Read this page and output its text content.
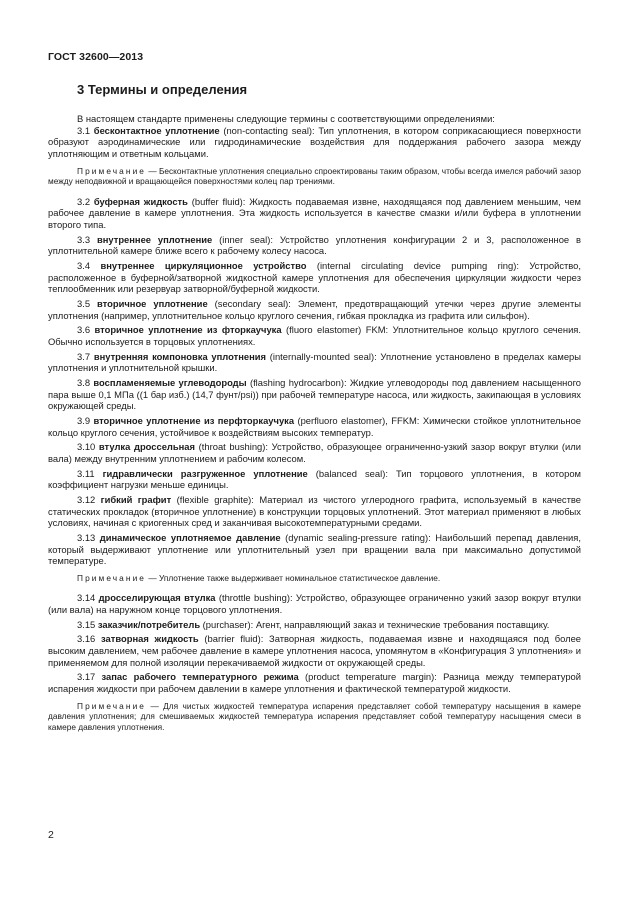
ГОСТ 32600—2013
3 Термины и определения

В настоящем стандарте применены следующие термины с соответствующими определениями:

3.1 бесконтактное уплотнение (non-contacting seal): Тип уплотнения, в котором соприкасающиеся поверхности образуют аэродинамические или гидродинамические воздействия для поддержания рабочего зазора между уплотняющим и ответным кольцами.

Примечание — Бесконтактные уплотнения специально спроектированы таким образом, чтобы всегда имелся рабочий зазор между неподвижной и вращающейся поверхностями колец пар трениями.

3.2 буферная жидкость (buffer fluid): Жидкость подаваемая извне, находящаяся под давлением меньшим, чем рабочее давление в камере уплотнения. Эта жидкость используется в качестве смазки и/или буфера в уплотнении второго типа.

3.3 внутреннее уплотнение (inner seal): Устройство уплотнения конфигурации 2 и 3, расположенное в уплотнительной камере ближе всего к рабочему колесу насоса.

3.4 внутреннее циркуляционное устройство (internal circulating device pumping ring): Устройство, расположенное в буферной/затворной жидкостной камере уплотнения для обеспечения циркуляции жидкости через теплообменник или резервуар затворной/буферной жидкости.

3.5 вторичное уплотнение (secondary seal): Элемент, предотвращающий утечки через другие элементы уплотнения (например, уплотнительное кольцо круглого сечения, гибкая прокладка из графита или сильфон).

3.6 вторичное уплотнение из фторкаучука (fluoro elastomer) FKM: Уплотнительное кольцо круглого сечения. Обычно используется в торцовых уплотнениях.

3.7 внутренняя компоновка уплотнения (internally-mounted seal): Уплотнение установлено в пределах камеры уплотнения и уплотнительной крышки.

3.8 воспламеняемые углеводороды (flashing hydrocarbon): Жидкие углеводороды под давлением насыщенного пара выше 0,1 МПа ((1 бар изб.) (14,7 фунт/psi)) при рабочей температуре насоса, или жидкость, закипающая в условиях окружающей среды.

3.9 вторичное уплотнение из перфторкаучука (perfluoro elastomer), FFKM: Химически стойкое уплотнительное кольцо круглого сечения, устойчивое к воздействиям высоких температур.

3.10 втулка дроссельная (throat bushing): Устройство, образующее ограниченно-узкий зазор вокруг втулки (или вала) между внутренним уплотнением и рабочим колесом.

3.11 гидравлически разгруженное уплотнение (balanced seal): Тип торцового уплотнения, в котором коэффициент нагрузки меньше единицы.

3.12 гибкий графит (flexible graphite): Материал из чистого углеродного графита, используемый в качестве статических прокладок (вторичное уплотнение) в конструкции торцовых уплотнений. Этот материал применяют в любых условиях, начиная с криогенных сред и заканчивая высокотемпературными средами.

3.13 динамическое уплотняемое давление (dynamic sealing-pressure rating): Наибольший перепад давления, который выдерживают уплотнение или уплотнительный узел при вращении вала при максимально допустимой температуре.

Примечание — Уплотнение также выдерживает номинальное статистическое давление.

3.14 дросселирующая втулка (throttle bushing): Устройство, образующее ограниченно узкий зазор вокруг втулки (или вала) на наружном конце торцового уплотнения.

3.15 заказчик/потребитель (purchaser): Агент, направляющий заказ и технические требования поставщику.

3.16 затворная жидкость (barrier fluid): Затворная жидкость, подаваемая извне и находящаяся под более высоким давлением, чем рабочее давление в камере уплотнения насоса, упомянутом в «Конфигурация 3 уплотнения» и применяемом для полной изоляции перекачиваемой жидкости от окружающей среды.

3.17 запас рабочего температурного режима (product temperature margin): Разница между температурой испарения жидкости при рабочем давлении в камере уплотнения и фактической температурой жидкости.

Примечание — Для чистых жидкостей температура испарения представляет собой температуру насыщения в камере давления уплотнения; для смешиваемых жидкостей температура испарения представляет собой температуру насыщения смеси в камере давления уплотнения.

2
